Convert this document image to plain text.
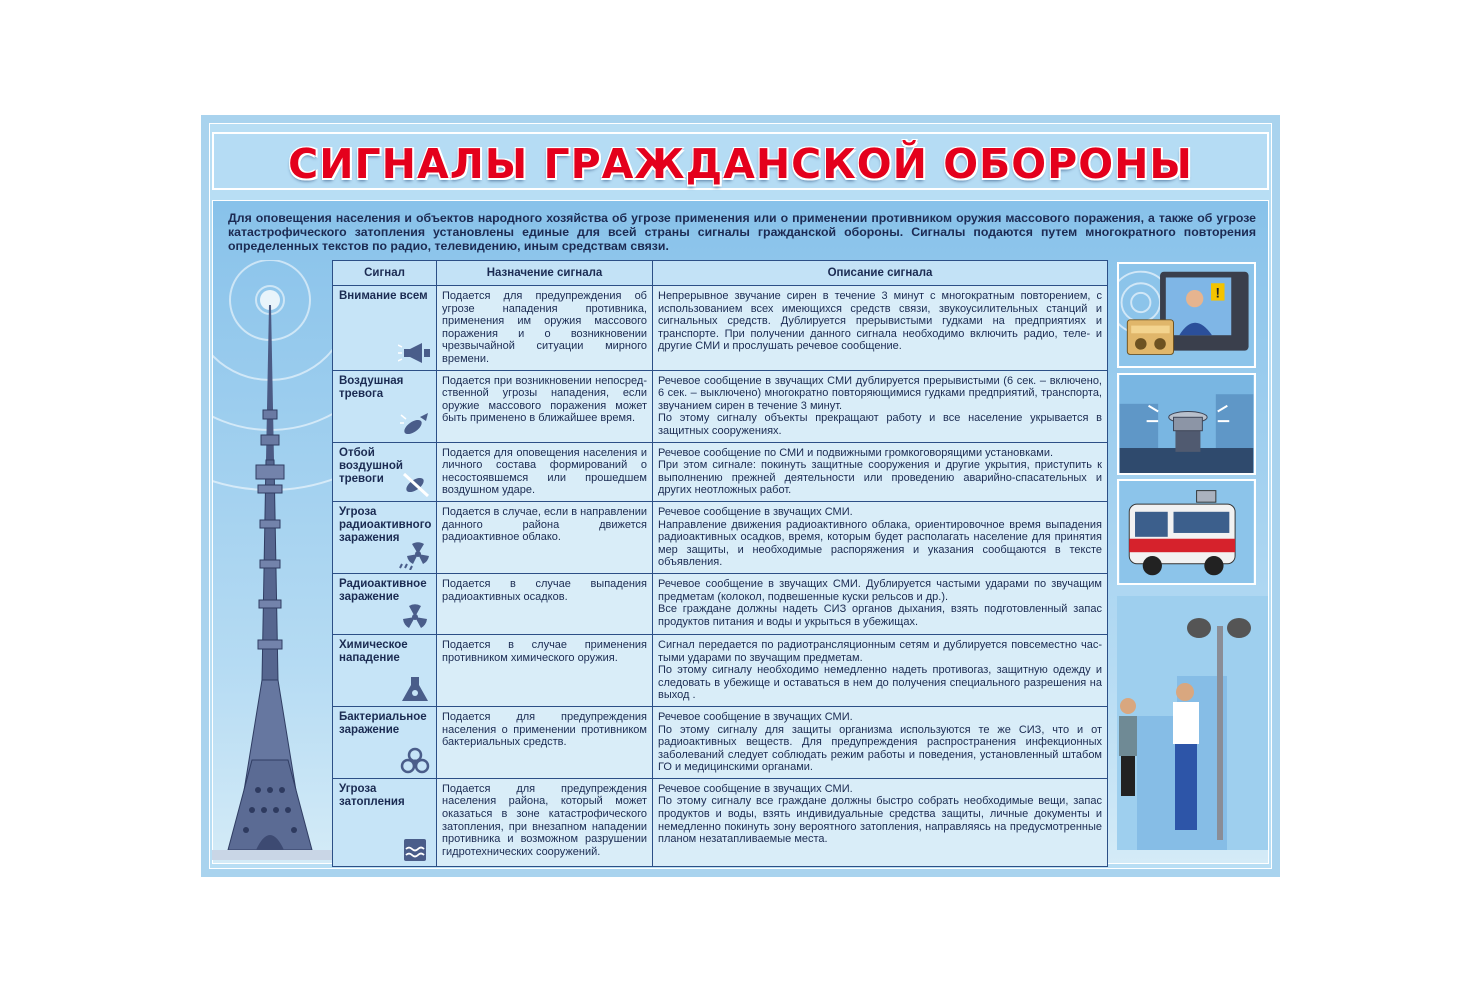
СИГНАЛЫ ГРАЖДАНСКОЙ ОБОРОНЫ
Для оповещения населения и объектов народного хозяйства об угрозе применения или о применении противником оружия массового поражения, а также об угрозе катастрофического затопления установлены единые для всей страны сигналы гражданской обороны. Сигналы подаются путем многократного повторения определенных текстов по радио, телевидению, иным средствам связи.
Сигнал	Назначение сигнала	Описание сигнала
Внимание всем	Подается для предупреждения об угрозе нападения противника, применения им оружия массового поражения и о возникновении чрезвычайной ситуации мирного времени.	Непрерывное звучание сирен в течение 3 минут с многократным повторением, с использованием всех имеющихся средств связи, звукоусилительных станций и сигнальных средств. Дублируется прерывистыми гудками на предприятиях и транспорте. При получении данного сигнала необходимо включить радио, теле- и другие СМИ и прослушать речевое сообщение.
Воздушная тревога	Подается при возникновении непосред-ственной угрозы нападения, если оружие массового поражения может быть применено в ближайшее время.	Речевое сообщение в звучащих СМИ дублируется прерывистыми (6 сек. – включено, 6 сек. – выключено) многократно повторяющимися гудками предприятий, транспорта, звучанием сирен в течение 3 минут.
По этому сигналу объекты прекращают работу и все население укрывается в защитных сооружениях.
Отбой воздушной тревоги	Подается для оповещения населения и личного состава формирований о несостоявшемся или прошедшем воздушном ударе.	Речевое сообщение по СМИ и подвижными громкоговорящими установками.
При этом сигнале: покинуть защитные сооружения и другие укрытия, приступить к выполнению прежней деятельности или проведению аварийно-спасательных и других неотложных работ.
Угроза радиоактивного заражения	Подается в случае, если в направлении данного района движется радиоактивное облако.	Речевое сообщение в звучащих СМИ.
Направление движения радиоактивного облака, ориентировочное время выпадения радиоактивных осадков, время, которым будет располагать население для принятия мер защиты, и необходимые распоряжения и указания сообщаются в тексте объявления.
Радиоактивное заражение	Подается в случае выпадения радиоактивных осадков.	Речевое сообщение в звучащих СМИ. Дублируется частыми ударами по звучащим предметам (колокол, подвешенные куски рельсов и др.).
Все граждане должны надеть СИЗ органов дыхания, взять подготовленный запас продуктов питания и воды и укрыться в убежищах.
Химическое нападение	Подается в случае применения противником химического оружия.	Сигнал передается по радиотрансляционным сетям и дублируется повсеместно час-тыми ударами по звучащим предметам.
По этому сигналу необходимо немедленно надеть противогаз, защитную одежду и следовать в убежище и оставаться в нем до получения специального разрешения на выход .
Бактериальное заражение	Подается для предупреждения населения о применении противником бактериальных средств.	Речевое сообщение в звучащих СМИ.
По этому сигналу для защиты организма используются те же СИЗ, что и от радиоактивных веществ. Для предупреждения распространения инфекционных заболеваний следует соблюдать режим работы и поведения, установленный штабом ГО и медицинскими органами.
Угроза затопления	Подается для предупреждения населения района, который может оказаться в зоне катастрофического затопления, при внезапном нападении противника и возможном разрушении гидротехнических сооружений.	Речевое сообщение в звучащих СМИ.
По этому сигналу все граждане должны быстро собрать необходимые вещи, запас продуктов и воды, взять индивидуальные средства защиты, личные документы и немедленно покинуть зону вероятного затопления, направляясь на предусмотренные планом незатапливаемые места.
!
